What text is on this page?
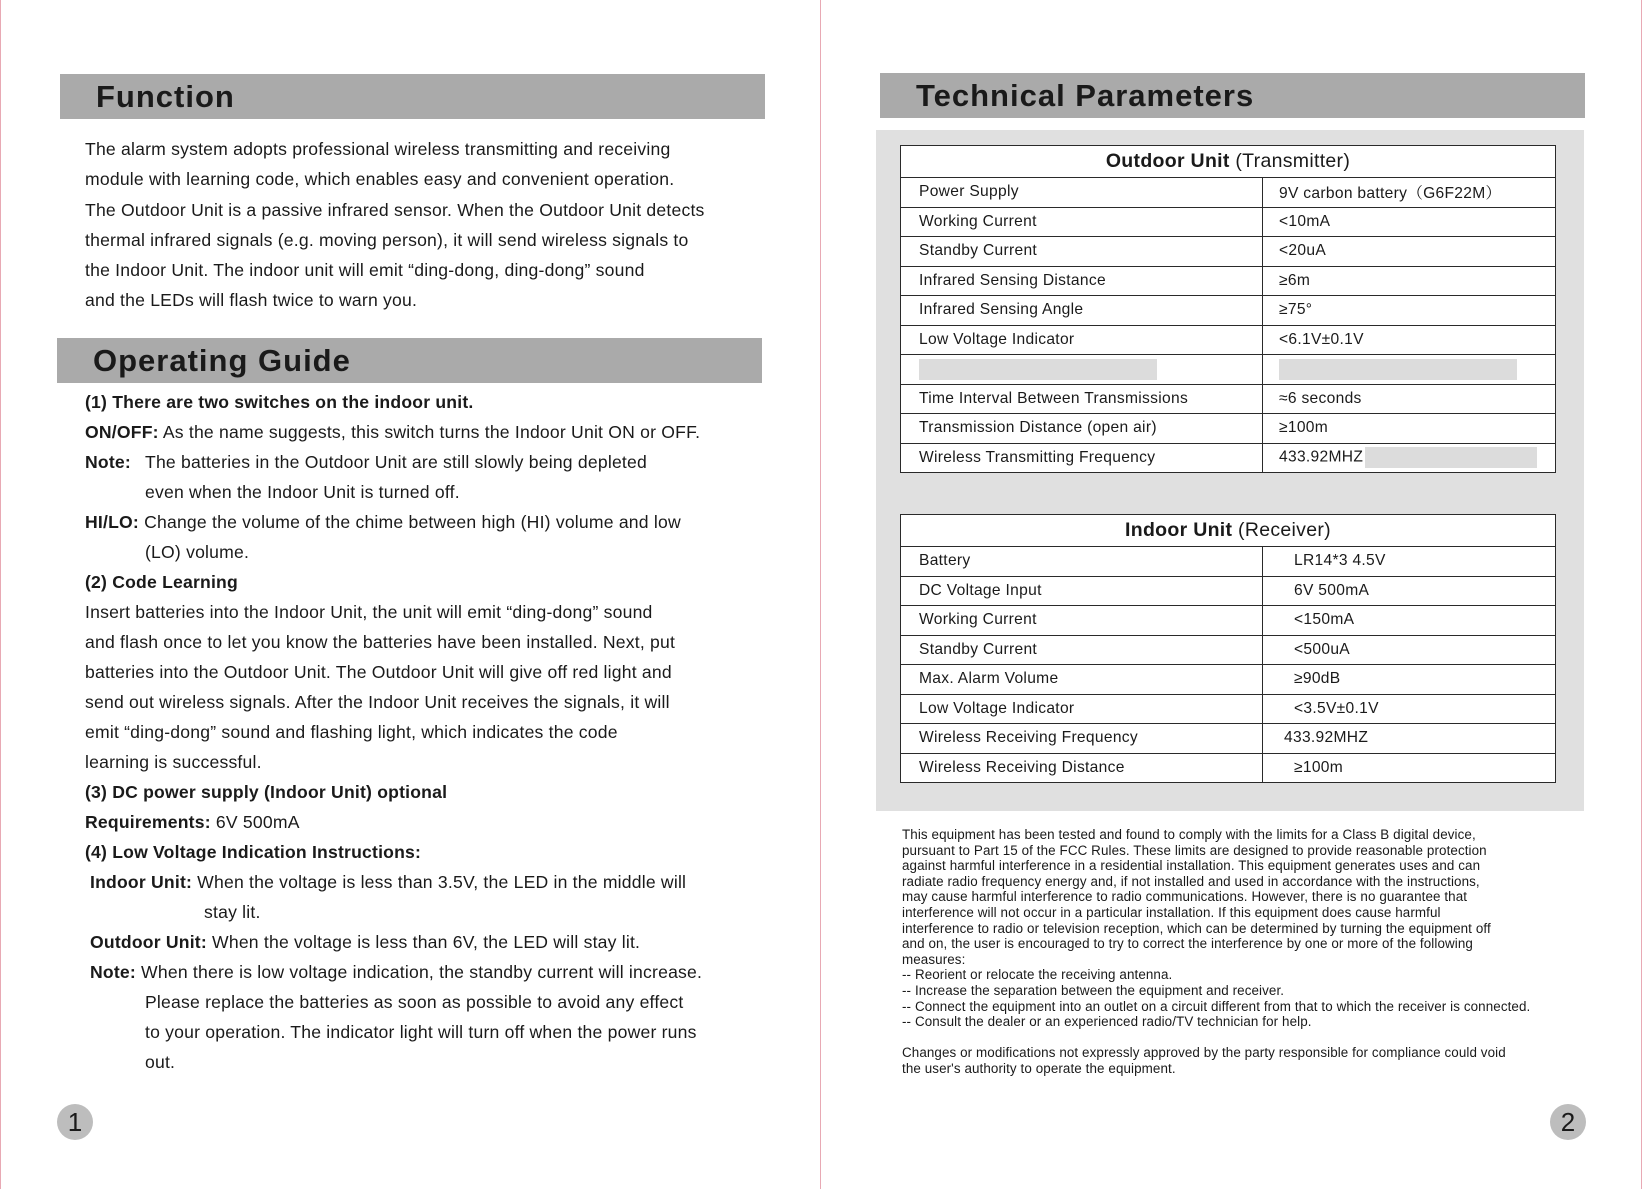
Function

The alarm system adopts professional wireless transmitting and receiving

module with learning code, which enables easy and convenient operation.

The Outdoor Unit is a passive infrared sensor. When the Outdoor Unit detects

thermal infrared signals (e.g. moving person), it will send wireless signals to

the Indoor Unit. The indoor unit will emit “ding-dong, ding-dong” sound

and the LEDs will flash twice to warn you.

Operating Guide
(1) There are two switches on the indoor unit.
ON/OFF: As the name suggests, this switch turns the Indoor Unit ON or OFF.
Note: The batteries in the Outdoor Unit are still slowly being depleted
even when the Indoor Unit is turned off.
HI/LO: Change the volume of the chime between high (HI) volume and low
(LO) volume.
(2) Code Learning
Insert batteries into the Indoor Unit, the unit will emit “ding-dong” sound
and flash once to let you know the batteries have been installed. Next, put
batteries into the Outdoor Unit. The Outdoor Unit will give off red light and
send out wireless signals. After the Indoor Unit receives the signals, it will
emit “ding-dong” sound and flashing light, which indicates the code
learning is successful.
(3) DC power supply (Indoor Unit) optional
Requirements: 6V 500mA
(4) Low Voltage Indication Instructions:
Indoor Unit: When the voltage is less than 3.5V, the LED in the middle will
stay lit.
Outdoor Unit: When the voltage is less than 6V, the LED will stay lit.
Note: When there is low voltage indication, the standby current will increase.
Please replace the batteries as soon as possible to avoid any effect
to your operation. The indicator light will turn off when the power runs
out.
1
Technical Parameters
Outdoor Unit (Transmitter)	
Power Supply	9V carbon battery（G6F22M）
Working Current	<10mA
Standby Current	<20uA
Infrared Sensing Distance	≥6m
Infrared Sensing Angle	≥75°
Low Voltage Indicator	<6.1V±0.1V

Time Interval Between Transmissions	≈6 seconds
Transmission Distance (open air)	≥100m
Wireless Transmitting Frequency	433.92MHZ
Indoor Unit (Receiver)	
Battery	LR14*3 4.5V
DC Voltage Input	6V 500mA
Working Current	<150mA
Standby Current	<500uA
Max. Alarm Volume	≥90dB
Low Voltage Indicator	<3.5V±0.1V
Wireless Receiving Frequency	433.92MHZ
Wireless Receiving Distance	≥100m

This equipment has been tested and found to comply with the limits for a Class B digital device,

pursuant to Part 15 of the FCC Rules. These limits are designed to provide reasonable protection

against harmful interference in a residential installation. This equipment generates uses and can

radiate radio frequency energy and, if not installed and used in accordance with the instructions,

may cause harmful interference to radio communications. However, there is no guarantee that

interference will not occur in a particular installation. If this equipment does cause harmful

interference to radio or television reception, which can be determined by turning the equipment off

and on, the user is encouraged to try to correct the interference by one or more of the following

measures:

-- Reorient or relocate the receiving antenna.

-- Increase the separation between the equipment and receiver.

-- Connect the equipment into an outlet on a circuit different from that to which the receiver is connected.

-- Consult the dealer or an experienced radio/TV technician for help.

Changes or modifications not expressly approved by the party responsible for compliance could void

the user's authority to operate the equipment.

2
